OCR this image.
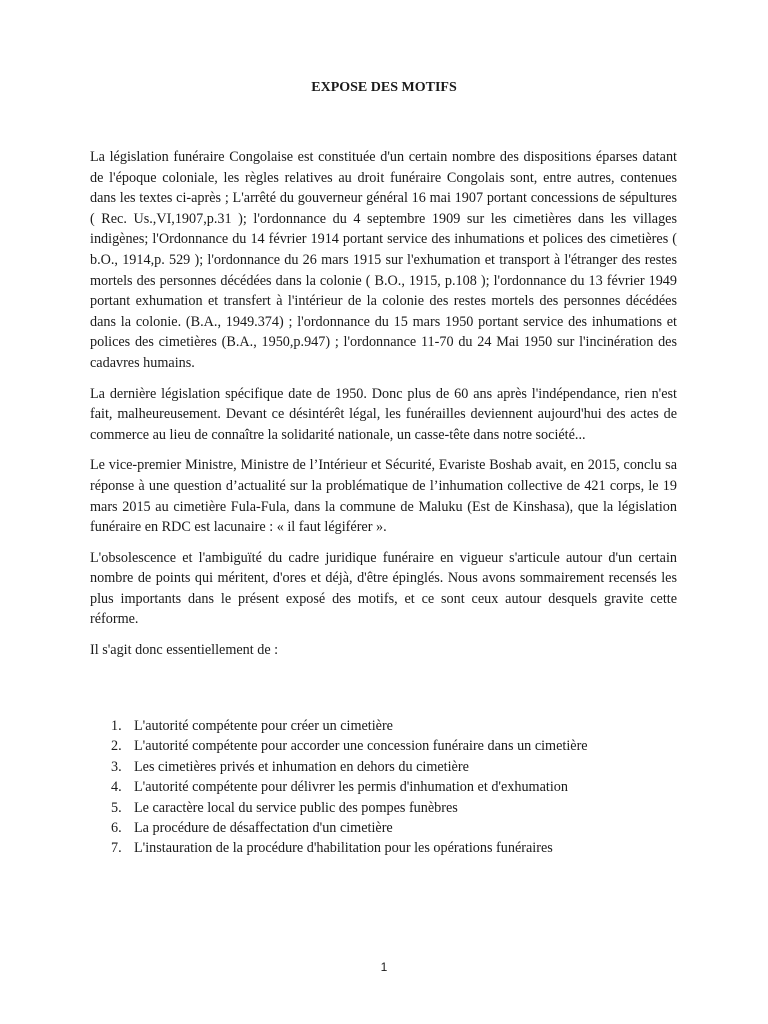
EXPOSE DES MOTIFS

La législation funéraire Congolaise est constituée d'un certain nombre des dispositions éparses datant de l'époque coloniale, les règles relatives au droit funéraire Congolais sont, entre autres, contenues dans les textes ci-après ; L'arrêté du gouverneur général 16 mai 1907 portant concessions de sépultures ( Rec. Us.,VI,1907,p.31 ); l'ordonnance du 4 septembre 1909 sur les cimetières dans les villages indigènes; l'Ordonnance du 14 février 1914 portant service des inhumations et polices des cimetières ( b.O., 1914,p. 529 ); l'ordonnance du 26 mars 1915 sur l'exhumation et transport à l'étranger des restes mortels des personnes décédées dans la colonie ( B.O., 1915, p.108 ); l'ordonnance du 13 février 1949 portant exhumation et transfert à l'intérieur de la colonie des restes mortels des personnes décédées dans la colonie. (B.A., 1949.374) ; l'ordonnance du 15 mars 1950 portant service des inhumations et polices des cimetières (B.A., 1950,p.947) ; l'ordonnance 11-70 du 24 Mai 1950 sur l'incinération des cadavres humains.

La dernière législation spécifique date de 1950. Donc plus de 60 ans après l'indépendance, rien n'est fait, malheureusement. Devant ce désintérêt légal, les funérailles deviennent aujourd'hui des actes de commerce au lieu de connaître la solidarité nationale, un casse-tête dans notre société...

Le vice-premier Ministre, Ministre de l’Intérieur et Sécurité, Evariste Boshab avait, en 2015, conclu sa réponse à une question d’actualité sur la problématique de l’inhumation collective de 421 corps, le 19 mars 2015 au cimetière Fula-Fula, dans la commune de Maluku (Est de Kinshasa), que la législation funéraire en RDC est lacunaire : « il faut légiférer ».

L'obsolescence et l'ambiguïté du cadre juridique funéraire en vigueur s'articule autour d'un certain nombre de points qui méritent, d'ores et déjà, d'être épinglés. Nous avons sommairement recensés les plus importants dans le présent exposé des motifs, et ce sont ceux autour desquels gravite cette réforme.

Il s'agit donc essentiellement de :

1. L'autorité compétente pour créer un cimetière
2. L'autorité compétente pour accorder une concession funéraire dans un cimetière
3. Les cimetières privés et inhumation en dehors du cimetière
4. L'autorité compétente pour délivrer les permis d'inhumation et d'exhumation
5. Le caractère local du service public des pompes funèbres
6. La procédure de désaffectation d'un cimetière
7. L'instauration de la procédure d'habilitation pour les opérations funéraires
1
